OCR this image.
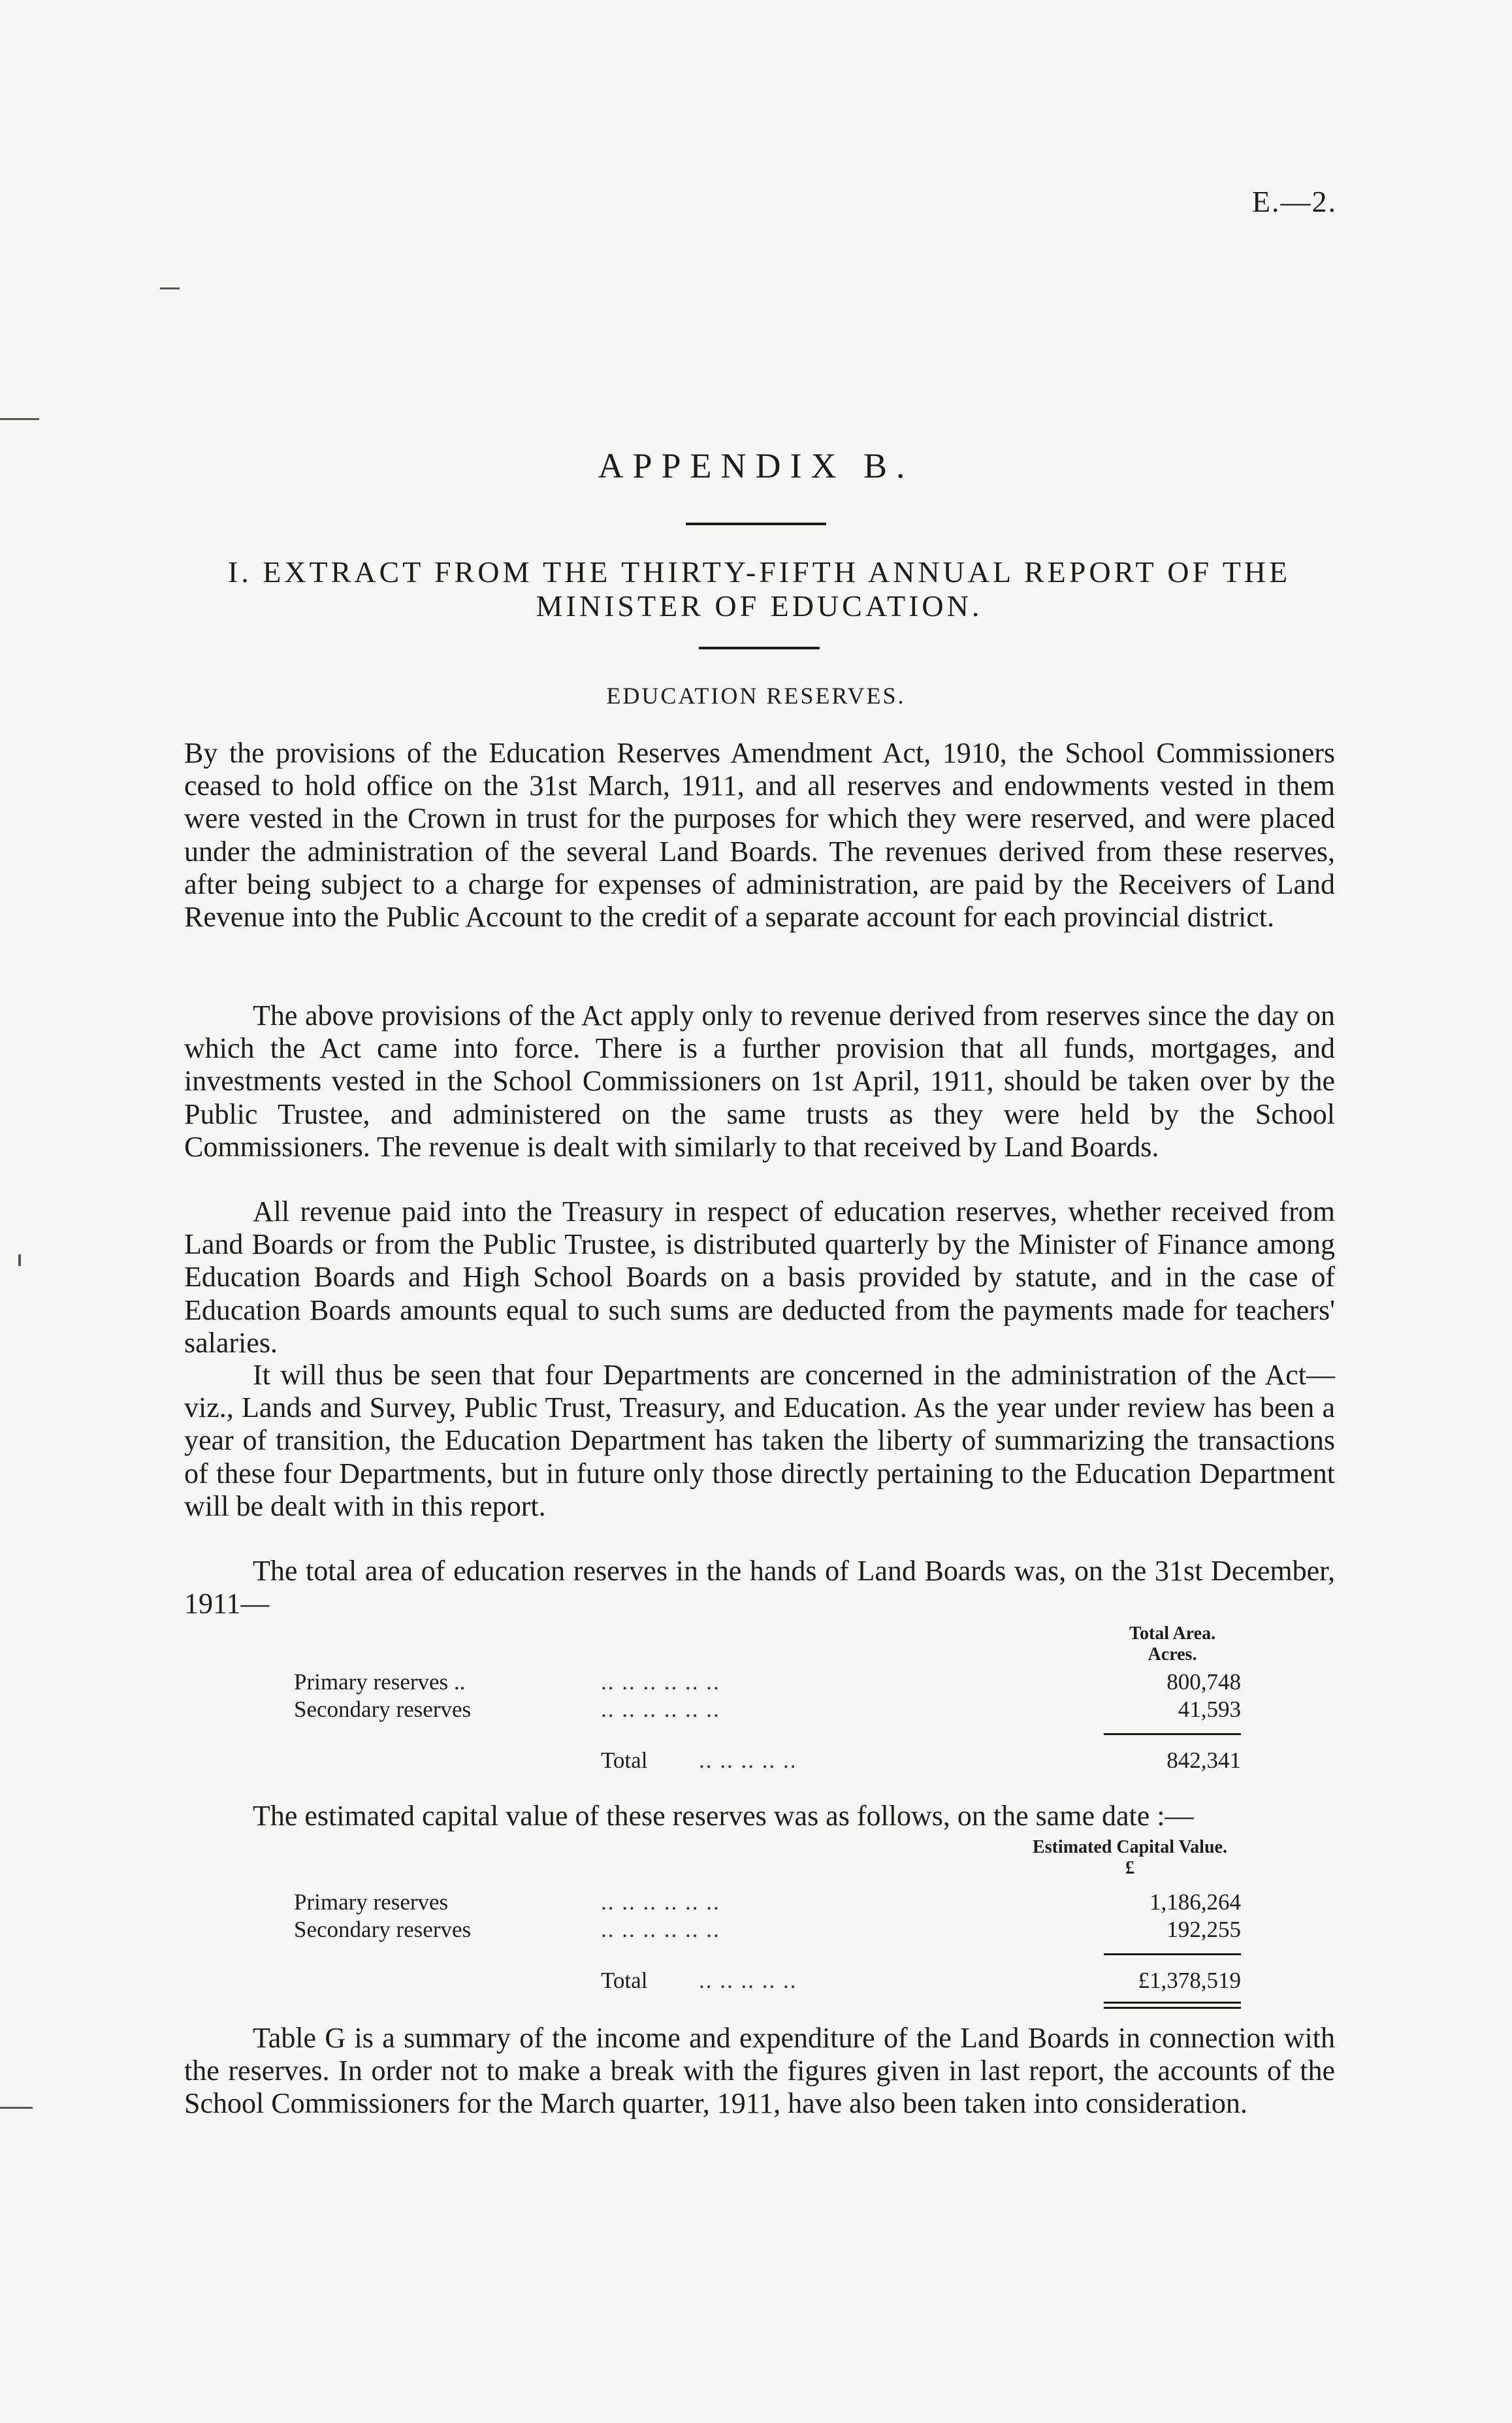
E.—2.
APPENDIX B.
I. EXTRACT FROM THE THIRTY-FIFTH ANNUAL REPORT OF THE MINISTER OF EDUCATION.
EDUCATION RESERVES.

By the provisions of the Education Reserves Amendment Act, 1910, the School Commissioners ceased to hold office on the 31st March, 1911, and all reserves and endowments vested in them were vested in the Crown in trust for the purposes for which they were reserved, and were placed under the administration of the several Land Boards. The revenues derived from these reserves, after being subject to a charge for expenses of administration, are paid by the Receivers of Land Revenue into the Public Account to the credit of a separate account for each provincial district.

The above provisions of the Act apply only to revenue derived from reserves since the day on which the Act came into force. There is a further provision that all funds, mortgages, and investments vested in the School Commissioners on 1st April, 1911, should be taken over by the Public Trustee, and administered on the same trusts as they were held by the School Commissioners. The revenue is dealt with similarly to that received by Land Boards.

All revenue paid into the Treasury in respect of education reserves, whether received from Land Boards or from the Public Trustee, is distributed quarterly by the Minister of Finance among Education Boards and High School Boards on a basis provided by statute, and in the case of Education Boards amounts equal to such sums are deducted from the payments made for teachers' salaries.

It will thus be seen that four Departments are concerned in the administration of the Act—viz., Lands and Survey, Public Trust, Treasury, and Education. As the year under review has been a year of transition, the Education Department has taken the liberty of summarizing the transactions of these four Departments, but in future only those directly pertaining to the Education Department will be dealt with in this report.

The total area of education reserves in the hands of Land Boards was, on the 31st December, 1911—

Total Area.
Acres.
Primary reserves ..	.. .. .. .. .. ..	800,748
Secondary reserves	.. .. .. .. .. ..	41,593
Total .. .. .. .. ..	842,341

The estimated capital value of these reserves was as follows, on the same date :—

Estimated Capital Value.
£
Primary reserves	.. .. .. .. .. ..	1,186,264
Secondary reserves	.. .. .. .. .. ..	192,255
Total .. .. .. .. ..	£1,378,519

Table G is a summary of the income and expenditure of the Land Boards in connection with the reserves. In order not to make a break with the figures given in last report, the accounts of the School Commissioners for the March quarter, 1911, have also been taken into consideration.
